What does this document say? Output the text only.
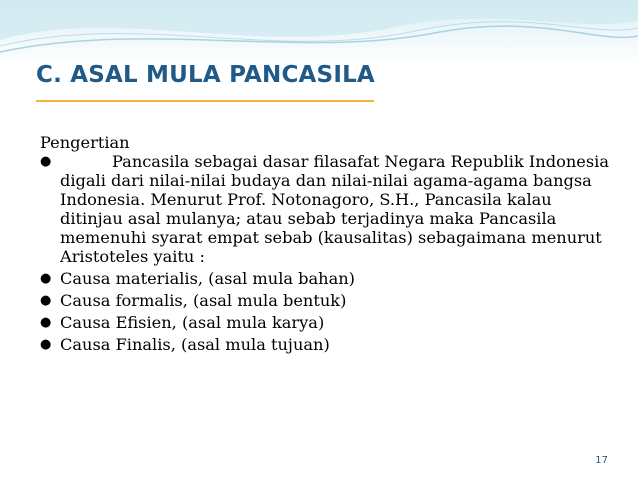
C. ASAL MULA PANCASILA

Pengertian

●	Pancasila sebagai dasar filasafat Negara Republik Indonesia digali dari nilai-nilai budaya dan nilai-nilai agama-agama bangsa Indonesia. Menurut Prof. Notonagoro, S.H., Pancasila kalau ditinjau asal mulanya; atau sebab terjadinya maka Pancasila memenuhi syarat empat sebab (kausalitas) sebagaimana menurut Aristoteles yaitu :
● Causa materialis, (asal mula bahan)
● Causa formalis, (asal mula bentuk)
● Causa Efisien, (asal mula karya)
● Causa Finalis, (asal mula tujuan)
17
